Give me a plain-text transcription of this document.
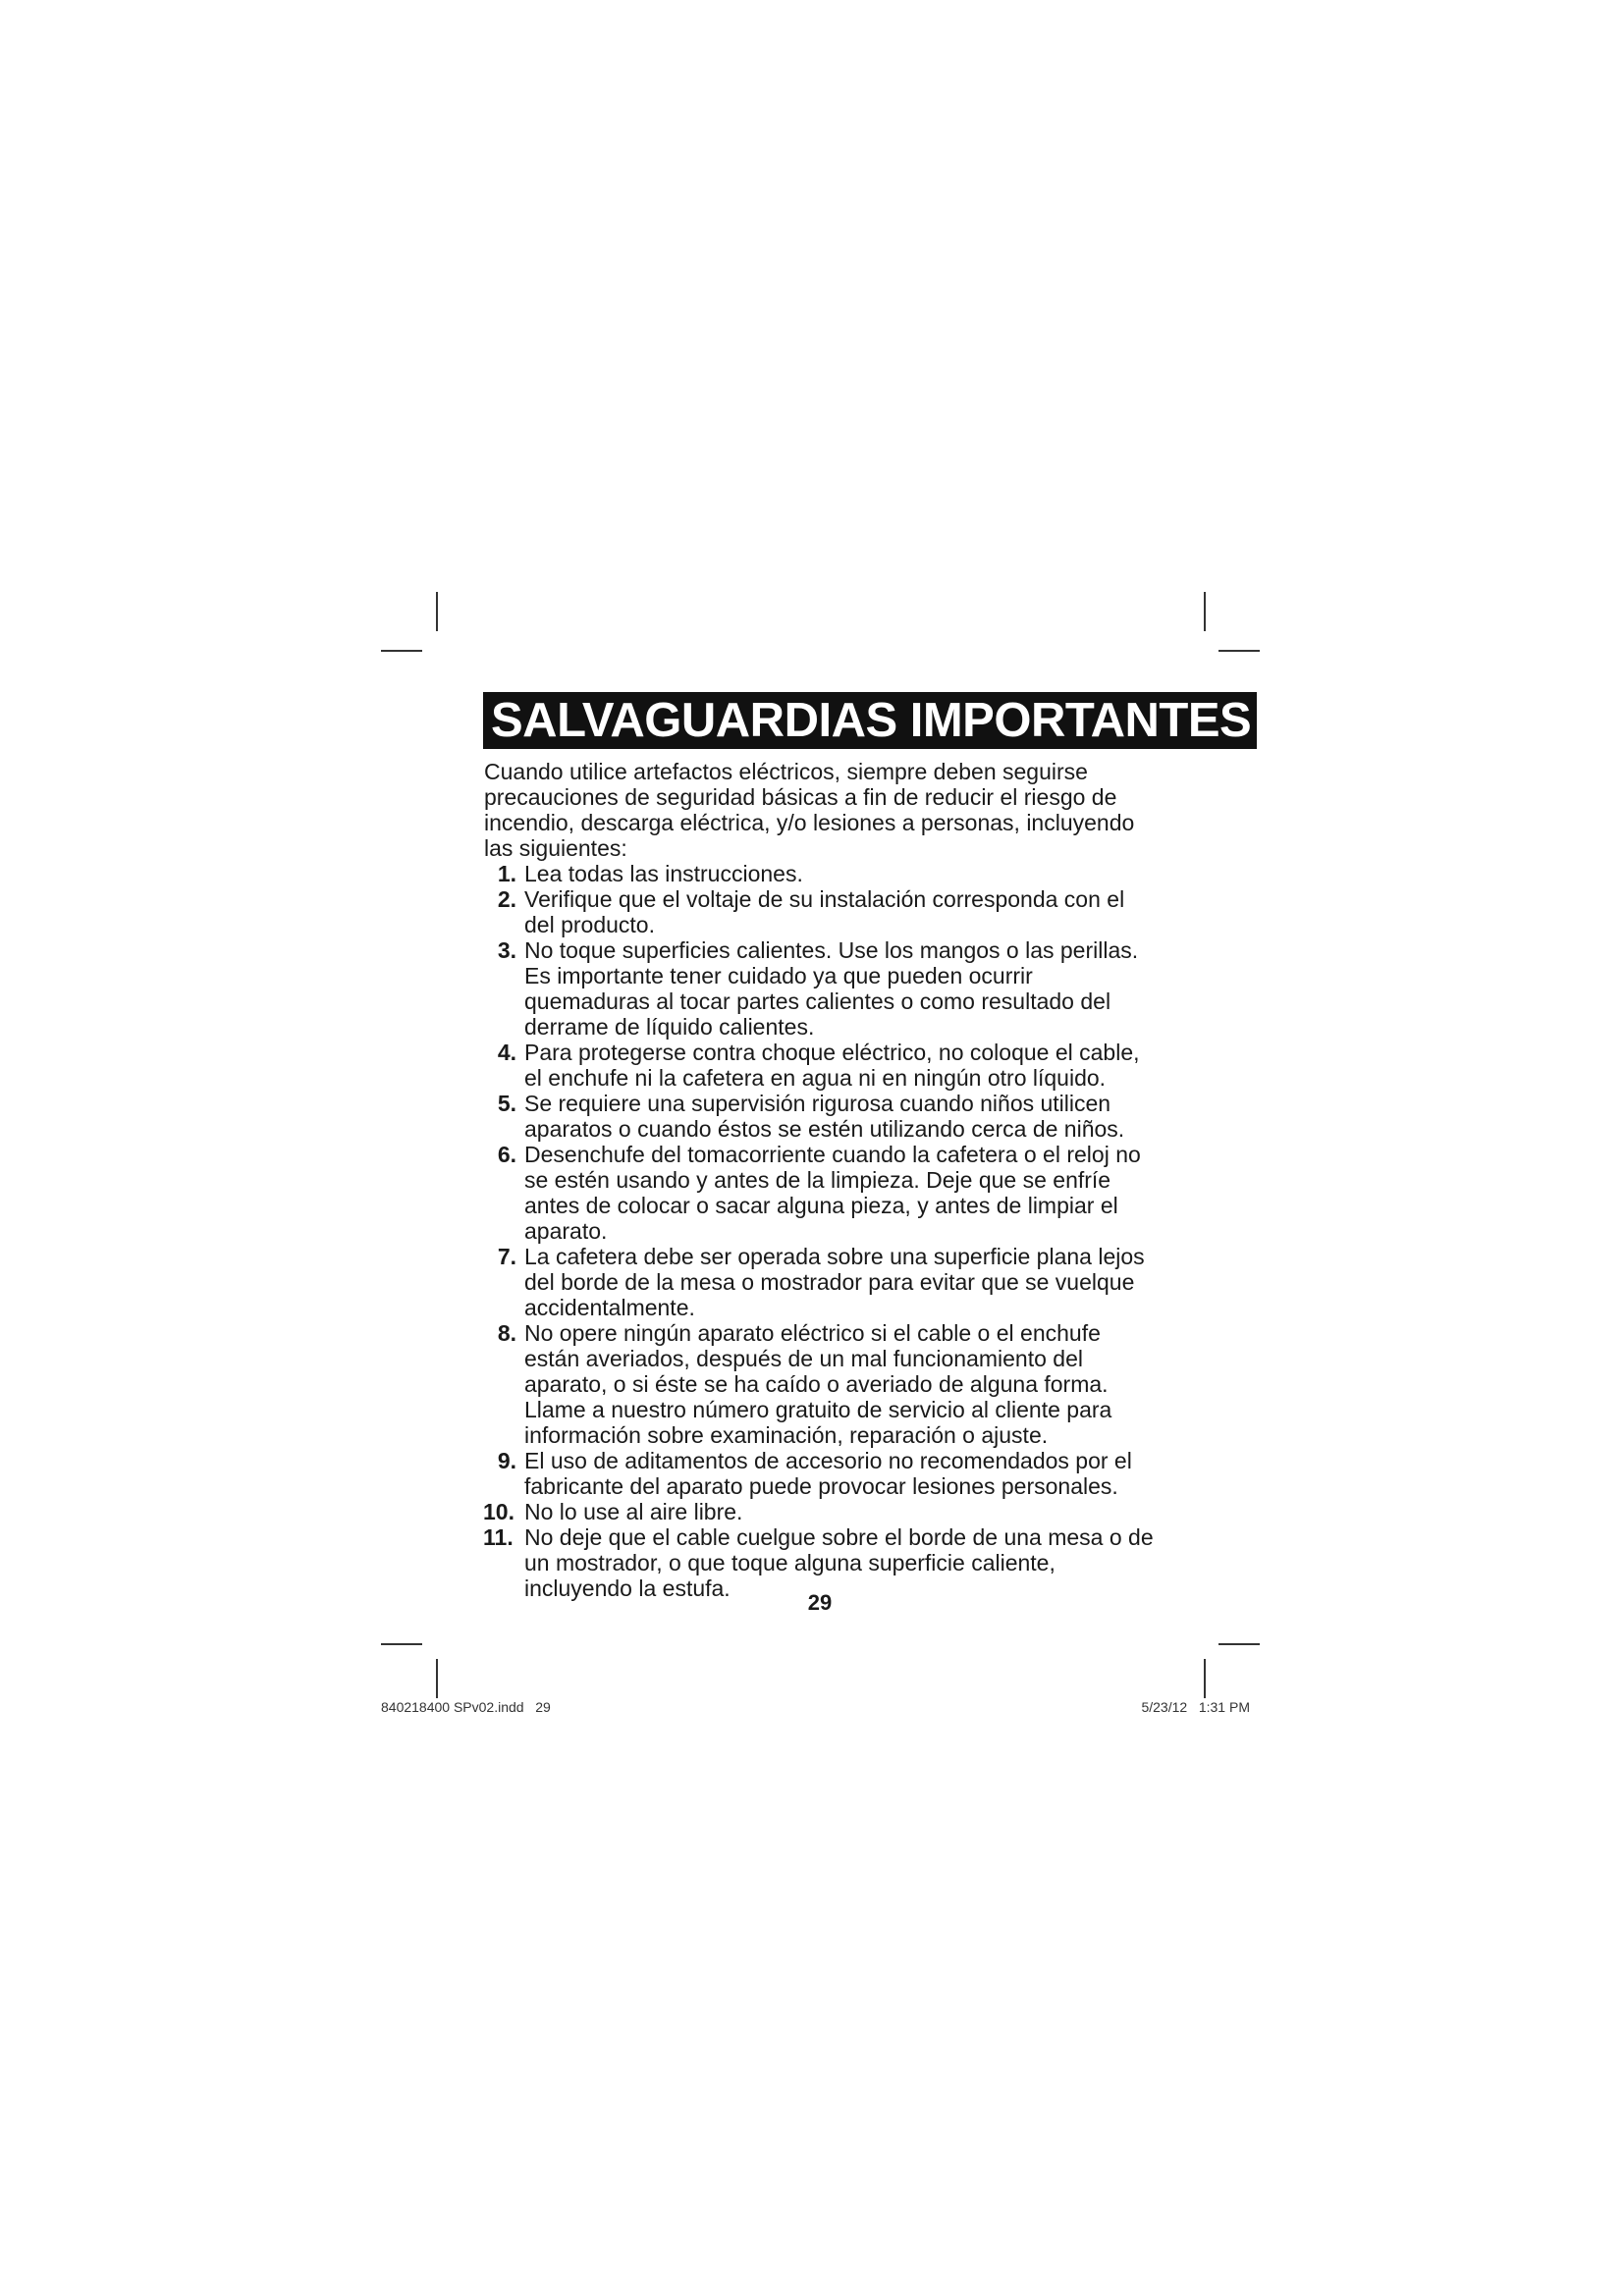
SALVAGUARDIAS IMPORTANTES

Cuando utilice artefactos eléctricos, siempre deben seguirse precauciones de seguridad básicas a fin de reducir el riesgo de incendio, descarga eléctrica, y/o lesiones a personas, incluyendo las siguientes:

1. Lea todas las instrucciones.
2. Verifique que el voltaje de su instalación corresponda con el del producto.
3. No toque superficies calientes. Use los mangos o las perillas. Es importante tener cuidado ya que pueden ocurrir quemaduras al tocar partes calientes o como resultado del derrame de líquido calientes.
4. Para protegerse contra choque eléctrico, no coloque el cable, el enchufe ni la cafetera en agua ni en ningún otro líquido.
5. Se requiere una supervisión rigurosa cuando niños utilicen aparatos o cuando éstos se estén utilizando cerca de niños.
6. Desenchufe del tomacorriente cuando la cafetera o el reloj no se estén usando y antes de la limpieza. Deje que se enfríe antes de colocar o sacar alguna pieza, y antes de limpiar el aparato.
7. La cafetera debe ser operada sobre una superficie plana lejos del borde de la mesa o mostrador para evitar que se vuelque accidentalmente.
8. No opere ningún aparato eléctrico si el cable o el enchufe están averiados, después de un mal funcionamiento del aparato, o si éste se ha caído o averiado de alguna forma. Llame a nuestro número gratuito de servicio al cliente para información sobre examinación, reparación o ajuste.
9. El uso de aditamentos de accesorio no recomendados por el fabricante del aparato puede provocar lesiones personales.
10. No lo use al aire libre.
11. No deje que el cable cuelgue sobre el borde de una mesa o de un mostrador, o que toque alguna superficie caliente, incluyendo la estufa.
29
840218400 SPv02.indd   29	5/23/12   1:31 PM
